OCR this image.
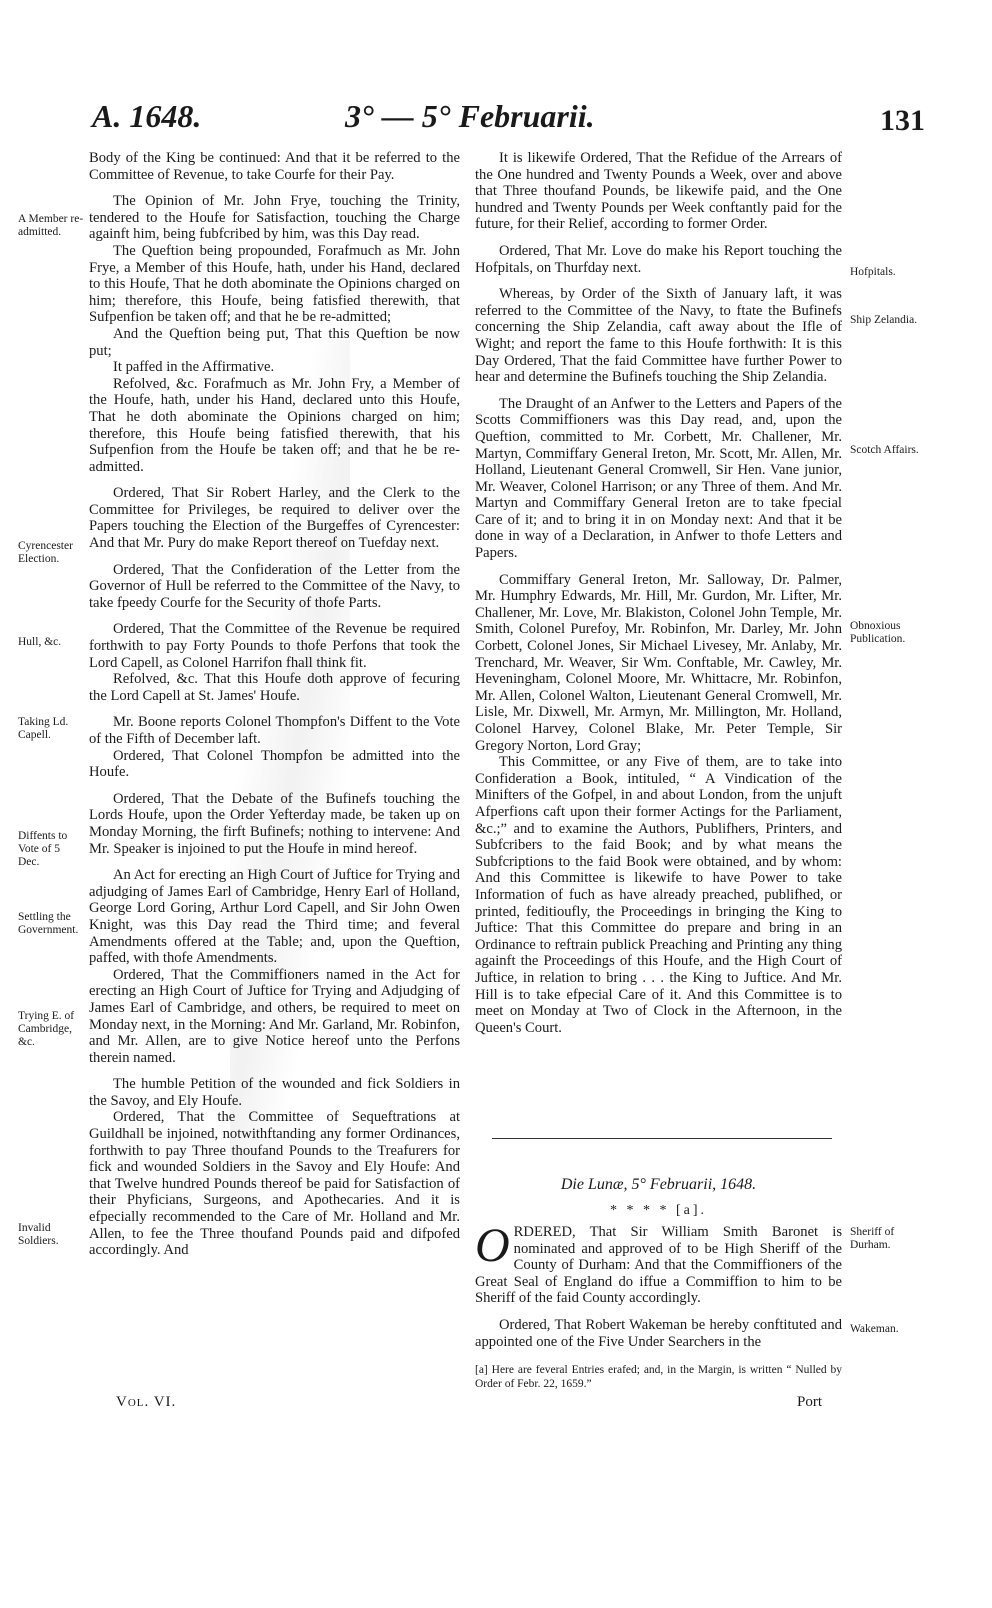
A. 1648.	3° — 5° Februarii.	131
A Member re-admitted.
Cyrencester Election.
Hull, &c.
Taking Ld. Capell.
Diffents to Vote of 5 Dec.
Settling the Government.
Trying E. of Cambridge, &c.
Invalid Soldiers.
Hofpitals.
Ship Zelandia.
Scotch Affairs.
Obnoxious Publication.
Sheriff of Durham.
Wakeman.

Body of the King be continued: And that it be referred to the Committee of Revenue, to take Courfe for their Pay.

The Opinion of Mr. John Frye, touching the Trinity, tendered to the Houfe for Satisfaction, touching the Charge againft him, being fubfcribed by him, was this Day read.

The Queftion being propounded, Forafmuch as Mr. John Frye, a Member of this Houfe, hath, under his Hand, declared to this Houfe, That he doth abominate the Opinions charged on him; therefore, this Houfe, being fatisfied therewith, that Sufpenfion be taken off; and that he be re-admitted;

And the Queftion being put, That this Queftion be now put;

It paffed in the Affirmative.

Refolved, &c. Forafmuch as Mr. John Fry, a Member of the Houfe, hath, under his Hand, declared unto this Houfe, That he doth abominate the Opinions charged on him; therefore, this Houfe being fatisfied therewith, that his Sufpenfion from the Houfe be taken off; and that he be re-admitted.

Ordered, That Sir Robert Harley, and the Clerk to the Committee for Privileges, be required to deliver over the Papers touching the Election of the Burgeffes of Cyrencester: And that Mr. Pury do make Report thereof on Tuefday next.

Ordered, That the Confideration of the Letter from the Governor of Hull be referred to the Committee of the Navy, to take fpeedy Courfe for the Security of thofe Parts.

Ordered, That the Committee of the Revenue be required forthwith to pay Forty Pounds to thofe Perfons that took the Lord Capell, as Colonel Harrifon fhall think fit.

Refolved, &c. That this Houfe doth approve of fecuring the Lord Capell at St. James' Houfe.

Mr. Boone reports Colonel Thompfon's Diffent to the Vote of the Fifth of December laft.

Ordered, That Colonel Thompfon be admitted into the Houfe.

Ordered, That the Debate of the Bufinefs touching the Lords Houfe, upon the Order Yefterday made, be taken up on Monday Morning, the firft Bufinefs; nothing to intervene: And Mr. Speaker is injoined to put the Houfe in mind hereof.

An Act for erecting an High Court of Juftice for Trying and adjudging of James Earl of Cambridge, Henry Earl of Holland, George Lord Goring, Arthur Lord Capell, and Sir John Owen Knight, was this Day read the Third time; and feveral Amendments offered at the Table; and, upon the Queftion, paffed, with thofe Amendments.

Ordered, That the Commiffioners named in the Act for erecting an High Court of Juftice for Trying and Adjudging of James Earl of Cambridge, and others, be required to meet on Monday next, in the Morning: And Mr. Garland, Mr. Robinfon, and Mr. Allen, are to give Notice hereof unto the Perfons therein named.

The humble Petition of the wounded and fick Soldiers in the Savoy, and Ely Houfe.

Ordered, That the Committee of Sequeftrations at Guildhall be injoined, notwithftanding any former Ordinances, forthwith to pay Three thoufand Pounds to the Treafurers for fick and wounded Soldiers in the Savoy and Ely Houfe: And that Twelve hundred Pounds thereof be paid for Satisfaction of their Phyficians, Surgeons, and Apothecaries. And it is efpecially recommended to the Care of Mr. Holland and Mr. Allen, to fee the Three thoufand Pounds paid and difpofed accordingly. And

It is likewife Ordered, That the Refidue of the Arrears of the One hundred and Twenty Pounds a Week, over and above that Three thoufand Pounds, be likewife paid, and the One hundred and Twenty Pounds per Week conftantly paid for the future, for their Relief, according to former Order.

Ordered, That Mr. Love do make his Report touching the Hofpitals, on Thurfday next.

Whereas, by Order of the Sixth of January laft, it was referred to the Committee of the Navy, to ftate the Bufinefs concerning the Ship Zelandia, caft away about the Ifle of Wight; and report the fame to this Houfe forthwith: It is this Day Ordered, That the faid Committee have further Power to hear and determine the Bufinefs touching the Ship Zelandia.

The Draught of an Anfwer to the Letters and Papers of the Scotts Commiffioners was this Day read, and, upon the Queftion, committed to Mr. Corbett, Mr. Challener, Mr. Martyn, Commiffary General Ireton, Mr. Scott, Mr. Allen, Mr. Holland, Lieutenant General Cromwell, Sir Hen. Vane junior, Mr. Weaver, Colonel Harrison; or any Three of them. And Mr. Martyn and Commiffary General Ireton are to take fpecial Care of it; and to bring it in on Monday next: And that it be done in way of a Declaration, in Anfwer to thofe Letters and Papers.

Commiffary General Ireton, Mr. Salloway, Dr. Palmer, Mr. Humphry Edwards, Mr. Hill, Mr. Gurdon, Mr. Lifter, Mr. Challener, Mr. Love, Mr. Blakiston, Colonel John Temple, Mr. Smith, Colonel Purefoy, Mr. Robinfon, Mr. Darley, Mr. John Corbett, Colonel Jones, Sir Michael Livesey, Mr. Anlaby, Mr. Trenchard, Mr. Weaver, Sir Wm. Conftable, Mr. Cawley, Mr. Heveningham, Colonel Moore, Mr. Whittacre, Mr. Robinfon, Mr. Allen, Colonel Walton, Lieutenant General Cromwell, Mr. Lisle, Mr. Dixwell, Mr. Armyn, Mr. Millington, Mr. Holland, Colonel Harvey, Colonel Blake, Mr. Peter Temple, Sir Gregory Norton, Lord Gray;

This Committee, or any Five of them, are to take into Confideration a Book, intituled, “ A Vindication of the Minifters of the Gofpel, in and about London, from the unjuft Afperfions caft upon their former Actings for the Parliament, &c.;” and to examine the Authors, Publifhers, Printers, and Subfcribers to the faid Book; and by what means the Subfcriptions to the faid Book were obtained, and by whom: And this Committee is likewife to have Power to take Information of fuch as have already preached, publifhed, or printed, feditioufly, the Proceedings in bringing the King to Juftice: That this Committee do prepare and bring in an Ordinance to reftrain publick Preaching and Printing any thing againft the Proceedings of this Houfe, and the High Court of Juftice, in relation to bring . . . the King to Juftice. And Mr. Hill is to take efpecial Care of it. And this Committee is to meet on Monday at Two of Clock in the Afternoon, in the Queen's Court.

Die Lunæ, 5° Februarii, 1648.
* * * * [a].

ORDERED, That Sir William Smith Baronet is nominated and approved of to be High Sheriff of the County of Durham: And that the Commiffioners of the Great Seal of England do iffue a Commiffion to him to be Sheriff of the faid County accordingly.

Ordered, That Robert Wakeman be hereby conftituted and appointed one of the Five Under Searchers in the

[a] Here are feveral Entries erafed; and, in the Margin, is written “ Nulled by Order of Febr. 22, 1659.”

Vol. VI.	Port
